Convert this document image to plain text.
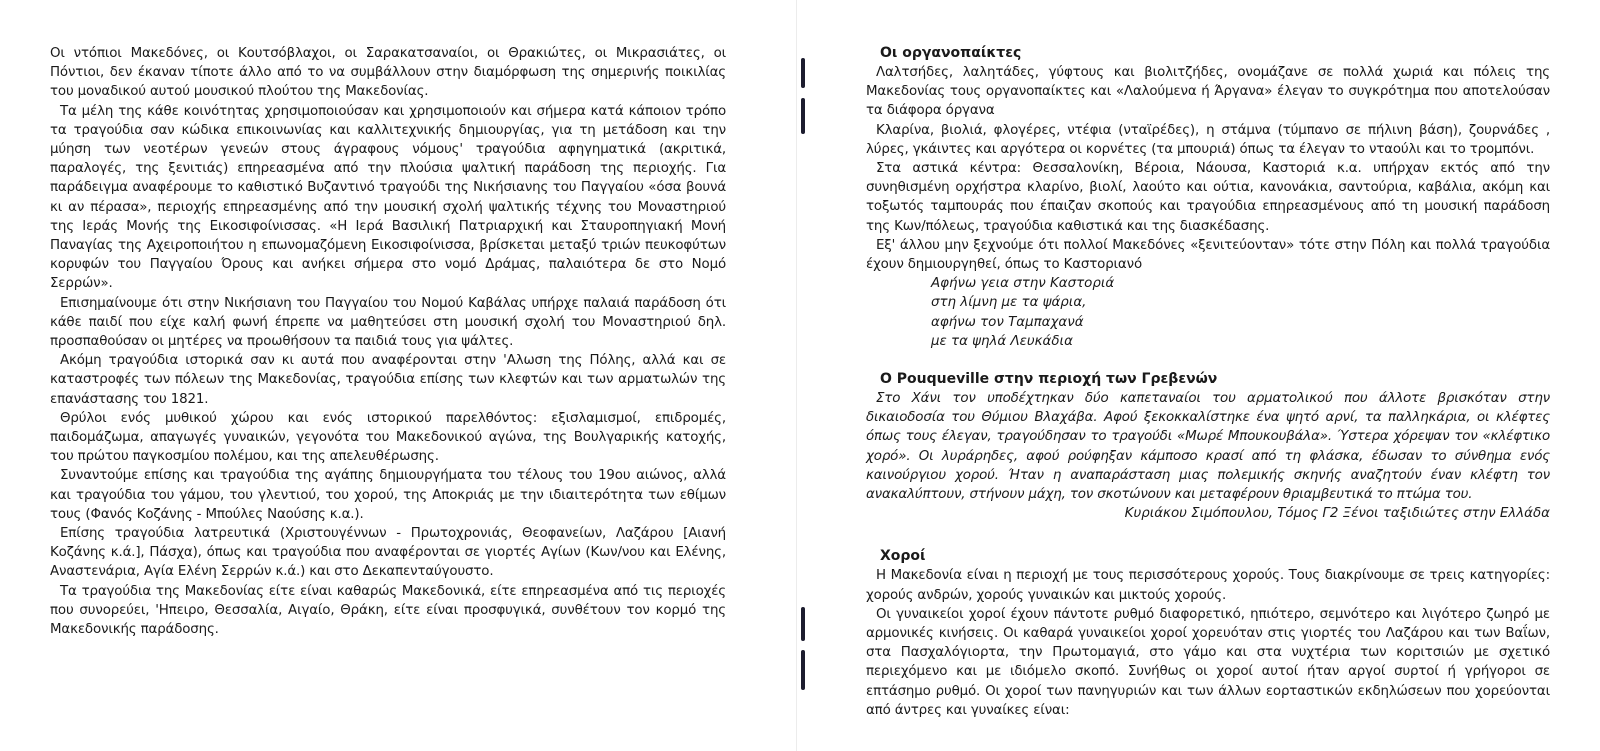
Οι ντόπιοι Μακεδόνες, οι Κουτσόβλαχοι, οι Σαρακατσαναίοι, οι Θρακιώτες, οι Μικρασιάτες, οι Πόντιοι, δεν έκαναν τίποτε άλλο από το να συμβάλλουν στην διαμόρφωση της σημερινής ποικιλίας του μοναδικού αυτού μουσικού πλούτου της Μακεδονίας.

Τα μέλη της κάθε κοινότητας χρησιμοποιούσαν και χρησιμοποιούν και σήμερα κατά κάποιον τρόπο τα τραγούδια σαν κώδικα επικοινωνίας και καλλιτεχνικής δημιουργίας, για τη μετάδοση και την μύηση των νεοτέρων γενεών στους άγραφους νόμους' τραγούδια αφηγηματικά (ακριτικά, παραλογές, της ξενιτιάς) επηρεασμένα από την πλούσια ψαλτική παράδοση της περιοχής. Για παράδειγμα αναφέρουμε το καθιστικό Βυζαντινό τραγούδι της Νικήσιανης του Παγγαίου «όσα βουνά κι αν πέρασα», περιοχής επηρεασμένης από την μουσική σχολή ψαλτικής τέχνης του Μοναστηριού της Ιεράς Μονής της Εικοσιφοίνισσας. «Η Ιερά Βασιλική Πατριαρχική και Σταυροπηγιακή Μονή Παναγίας της Αχειροποιήτου η επωνομαζόμενη Εικοσιφοίνισσα, βρίσκεται μεταξύ τριών πευκοφύτων κορυφών του Παγγαίου Όρους και ανήκει σήμερα στο νομό Δράμας, παλαιότερα δε στο Νομό Σερρών».

Επισημαίνουμε ότι στην Νικήσιανη του Παγγαίου του Νομού Καβάλας υπήρχε παλαιά παράδοση ότι κάθε παιδί που είχε καλή φωνή έπρεπε να μαθητεύσει στη μουσική σχολή του Μοναστηριού δηλ. προσπαθούσαν οι μητέρες να προωθήσουν τα παιδιά τους για ψάλτες.

Ακόμη τραγούδια ιστορικά σαν κι αυτά που αναφέρονται στην 'Αλωση της Πόλης, αλλά και σε καταστροφές των πόλεων της Μακεδονίας, τραγούδια επίσης των κλεφτών και των αρματωλών της επανάστασης του 1821.

Θρύλοι ενός μυθικού χώρου και ενός ιστορικού παρελθόντος: εξισλαμισμοί, επιδρομές, παιδομάζωμα, απαγωγές γυναικών, γεγονότα του Μακεδονικού αγώνα, της Βουλγαρικής κατοχής, του πρώτου παγκοσμίου πολέμου, και της απελευθέρωσης.

Συναντούμε επίσης και τραγούδια της αγάπης δημιουργήματα του τέλους του 19ου αιώνος, αλλά και τραγούδια του γάμου, του γλεντιού, του χορού, της Αποκριάς με την ιδιαιτερότητα των εθίμων τους (Φανός Κοζάνης - Μπούλες Ναούσης κ.α.).

Επίσης τραγούδια λατρευτικά (Χριστουγέννων - Πρωτοχρονιάς, Θεοφανείων, Λαζάρου [Αιανή Κοζάνης κ.ά.], Πάσχα), όπως και τραγούδια που αναφέρονται σε γιορτές Αγίων (Κων/νου και Ελένης, Αναστενάρια, Αγία Ελένη Σερρών κ.ά.) και στο Δεκαπενταύγουστο.

Τα τραγούδια της Μακεδονίας είτε είναι καθαρώς Μακεδονικά, είτε επηρεασμένα από τις περιοχές που συνορεύει, 'Ηπειρο, Θεσσαλία, Αιγαίο, Θράκη, είτε είναι προσφυγικά, συνθέτουν τον κορμό της Μακεδονικής παράδοσης.

Οι οργανοπαίκτες

Λαλτσήδες, λαλητάδες, γύφτους και βιολιτζήδες, ονομάζανε σε πολλά χωριά και πόλεις της Μακεδονίας τους οργανοπαίκτες και «Λαλούμενα ή Άργανα» έλεγαν το συγκρότημα που αποτελούσαν τα διάφορα όργανα

Κλαρίνα, βιολιά, φλογέρες, ντέφια (νταϊρέδες), η στάμνα (τύμπανο σε πήλινη βάση), ζουρνάδες , λύρες, γκάιντες και αργότερα οι κορνέτες (τα μπουριά) όπως τα έλεγαν το νταούλι και το τρομπόνι.

Στα αστικά κέντρα: Θεσσαλονίκη, Βέροια, Νάουσα, Καστοριά κ.α. υπήρχαν εκτός από την συνηθισμένη ορχήστρα κλαρίνο, βιολί, λαούτο και ούτια, κανονάκια, σαντούρια, καβάλια, ακόμη και τοξωτός ταμπουράς που έπαιζαν σκοπούς και τραγούδια επηρεασμένους από τη μουσική παράδοση της Κων/πόλεως, τραγούδια καθιστικά και της διασκέδασης.

Εξ' άλλου μην ξεχνούμε ότι πολλοί Μακεδόνες «ξενιτεύονταν» τότε στην Πόλη και πολλά τραγούδια έχουν δημιουργηθεί, όπως το Καστοριανό

Αφήνω γεια στην Καστοριά
στη λίμνη με τα ψάρια,
αφήνω τον Ταμπαχανά
με τα ψηλά Λευκάδια
Ο Pouqueville στην περιοχή των Γρεβενών

Στο Χάνι τον υποδέχτηκαν δύο καπεταναίοι του αρματολικού που άλλοτε βρισκόταν στην δικαιοδοσία του Θύμιου Βλαχάβα. Αφού ξεκοκκαλίστηκε ένα ψητό αρνί, τα παλληκάρια, οι κλέφτες όπως τους έλεγαν, τραγούδησαν το τραγούδι «Μωρέ Μπουκουβάλα». Ύστερα χόρεψαν τον «κλέφτικο χορό». Οι λυράρηδες, αφού ρούφηξαν κάμποσο κρασί από τη φλάσκα, έδωσαν το σύνθημα ενός καινούργιου χορού. Ήταν η αναπαράσταση μιας πολεμικής σκηνής αναζητούν έναν κλέφτη τον ανακαλύπτουν, στήνουν μάχη, τον σκοτώνουν και μεταφέρουν θριαμβευτικά το πτώμα του.

Κυριάκου Σιμόπουλου, Τόμος Γ2 Ξένοι ταξιδιώτες στην Ελλάδα
Χοροί

Η Μακεδονία είναι η περιοχή με τους περισσότερους χορούς. Τους διακρίνουμε σε τρεις κατηγορίες: χορούς ανδρών, χορούς γυναικών και μικτούς χορούς.

Οι γυναικείοι χοροί έχουν πάντοτε ρυθμό διαφορετικό, ηπιότερο, σεμνότερο και λιγότερο ζωηρό με αρμονικές κινήσεις. Οι καθαρά γυναικείοι χοροί χορευόταν στις γιορτές του Λαζάρου και των Βαΐων, στα Πασχαλόγιορτα, την Πρωτομαγιά, στο γάμο και στα νυχτέρια των κοριτσιών με σχετικό περιεχόμενο και με ιδιόμελο σκοπό. Συνήθως οι χοροί αυτοί ήταν αργοί συρτοί ή γρήγοροι σε επτάσημο ρυθμό. Οι χοροί των πανηγυριών και των άλλων εορταστικών εκδηλώσεων που χορεύονται από άντρες και γυναίκες είναι:
